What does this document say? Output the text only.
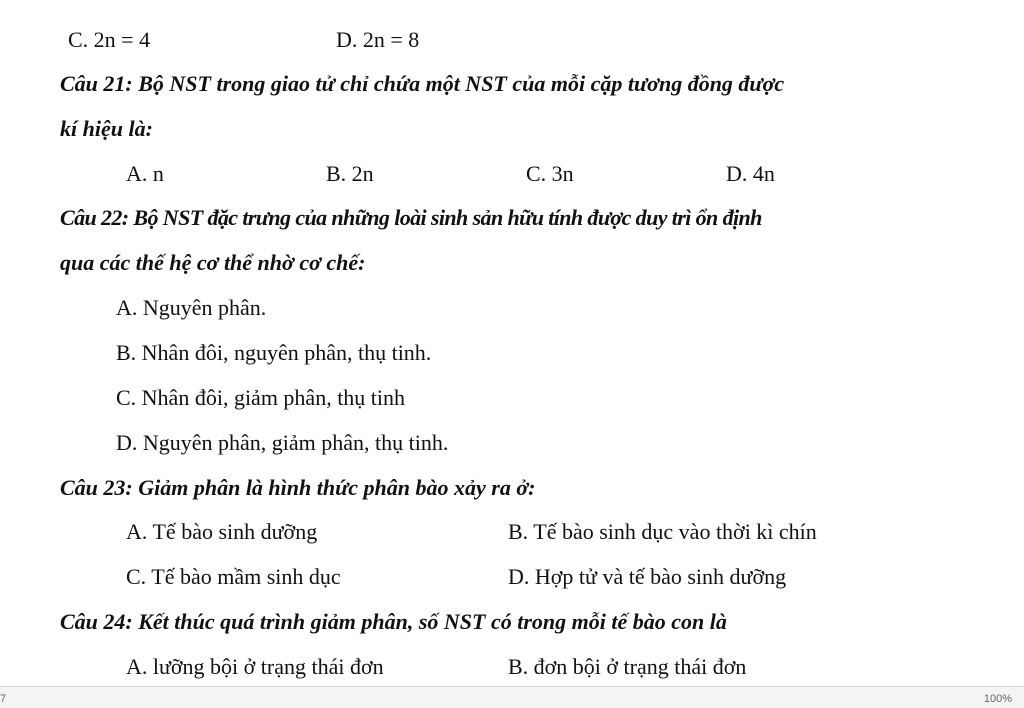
C. 2n = 4	D. 2n = 8
Câu 21: Bộ NST trong giao tử chỉ chứa một NST của mỗi cặp tương đồng được
kí hiệu là:
A. n	B. 2n	C. 3n	D. 4n
Câu 22: Bộ NST đặc trưng của những loài sinh sản hữu tính được duy trì ổn định
qua các thế hệ cơ thể nhờ cơ chế:
A. Nguyên phân.
B. Nhân đôi, nguyên phân, thụ tinh.
C. Nhân đôi, giảm phân, thụ tinh
D. Nguyên phân, giảm phân, thụ tinh.
Câu 23: Giảm phân là hình thức phân bào xảy ra ở:
A. Tế bào sinh dưỡng	B. Tế bào sinh dục vào thời kì chín
C. Tế bào mầm sinh dục	D. Hợp tử và tế bào sinh dưỡng
Câu 24: Kết thúc quá trình giảm phân, số NST có trong mỗi tế bào con là
A. lưỡng bội ở trạng thái đơn	B. đơn bội ở trạng thái đơn
7	100%
